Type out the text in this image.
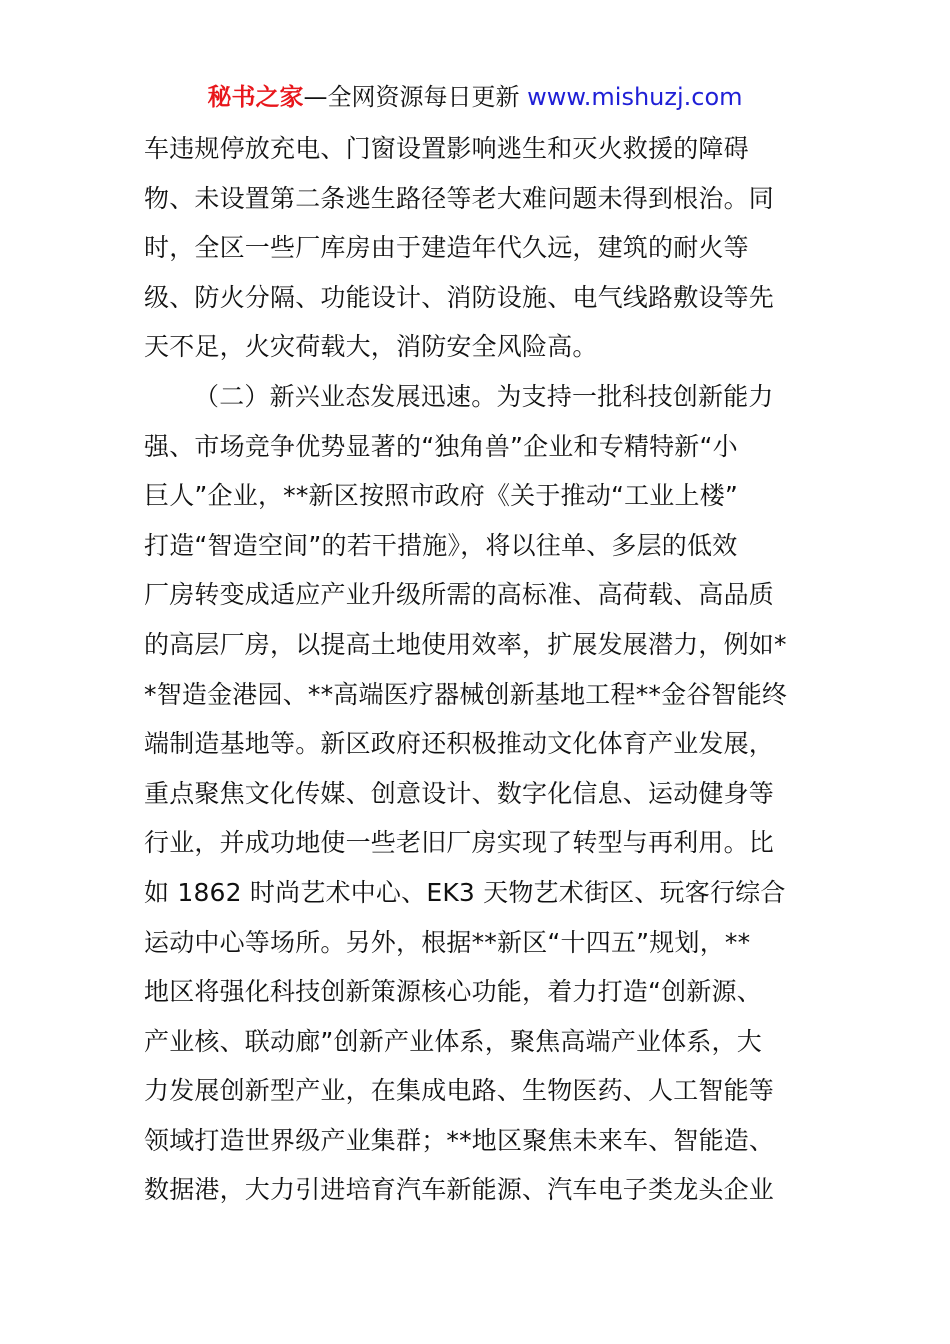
秘书之家—全网资源每日更新 www.mishuzj.com
车违规停放充电、门窗设置影响逃生和灭火救援的障碍
物、未设置第二条逃生路径等老大难问题未得到根治。同
时，全区一些厂库房由于建造年代久远，建筑的耐火等
级、防火分隔、功能设计、消防设施、电气线路敷设等先
天不足，火灾荷载大，消防安全风险高。
（二）新兴业态发展迅速。为支持一批科技创新能力
强、市场竞争优势显著的“独角兽”企业和专精特新“小
巨人”企业，**新区按照市政府《关于推动“工业上楼”
打造“智造空间”的若干措施》，将以往单、多层的低效
厂房转变成适应产业升级所需的高标准、高荷载、高品质
的高层厂房，以提高土地使用效率，扩展发展潜力，例如*
*智造金港园、**高端医疗器械创新基地工程**金谷智能终
端制造基地等。新区政府还积极推动文化体育产业发展，
重点聚焦文化传媒、创意设计、数字化信息、运动健身等
行业，并成功地使一些老旧厂房实现了转型与再利用。比
如 1862 时尚艺术中心、EK3 天物艺术街区、玩客行综合
运动中心等场所。另外，根据**新区“十四五”规划，**
地区将强化科技创新策源核心功能，着力打造“创新源、
产业核、联动廊”创新产业体系，聚焦高端产业体系，大
力发展创新型产业，在集成电路、生物医药、人工智能等
领域打造世界级产业集群；**地区聚焦未来车、智能造、
数据港，大力引进培育汽车新能源、汽车电子类龙头企业
